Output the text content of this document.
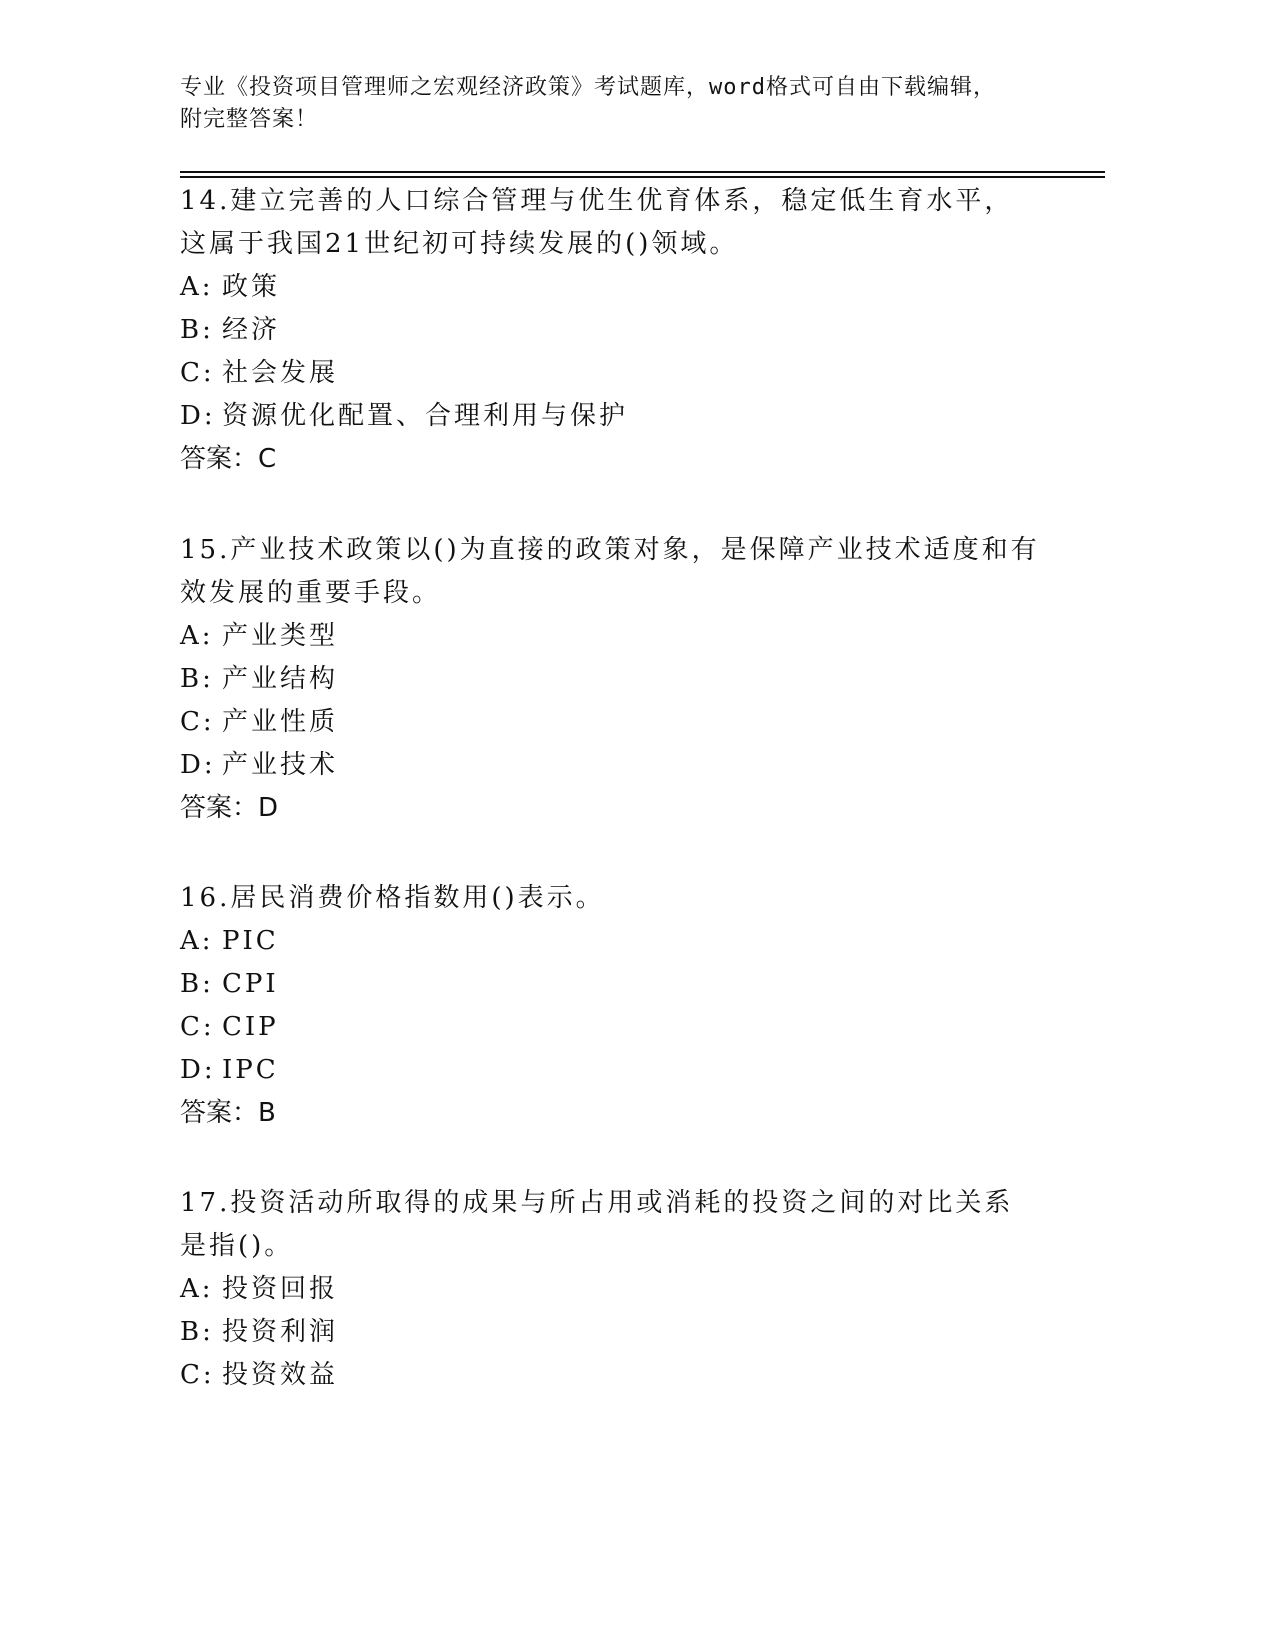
专业《投资项目管理师之宏观经济政策》考试题库，word格式可自由下载编辑，
附完整答案！

14.建立完善的人口综合管理与优生优育体系，稳定低生育水平，这属于我国21世纪初可持续发展的()领域。

A: 政策

B: 经济

C: 社会发展

D: 资源优化配置、合理利用与保护

答案：C

15.产业技术政策以()为直接的政策对象，是保障产业技术适度和有效发展的重要手段。

A: 产业类型

B: 产业结构

C: 产业性质

D: 产业技术

答案：D

16.居民消费价格指数用()表示。

A: PIC

B: CPI

C: CIP

D: IPC

答案：B

17.投资活动所取得的成果与所占用或消耗的投资之间的对比关系是指()。

A: 投资回报

B: 投资利润

C: 投资效益
